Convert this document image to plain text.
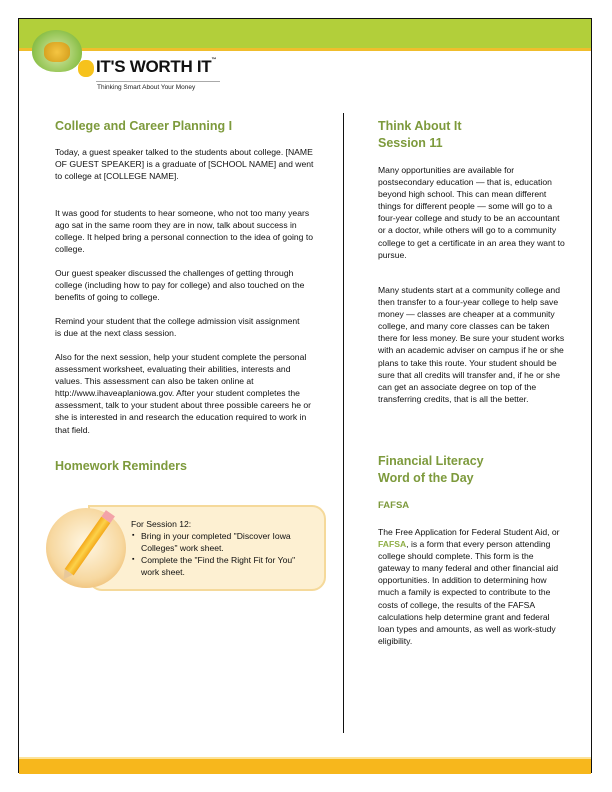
IT'S WORTH IT™
Thinking Smart About Your Money
College and Career Planning I

Today, a guest speaker talked to the students about college. [NAME OF GUEST SPEAKER] is a graduate of [SCHOOL NAME] and went to college at [COLLEGE NAME].

It was good for students to hear someone, who not too many years ago sat in the same room they are in now, talk about success in college. It helped bring a personal connection to the idea of going to college.

Our guest speaker discussed the challenges of getting through college (including how to pay for college) and also touched on the benefits of going to college.

Remind your student that the college admission visit assignment is due at the next class session.

Also for the next session, help your student complete the personal assessment worksheet, evaluating their abilities, interests and values. This assessment can also be taken online at http://www.ihaveaplaniowa.gov. After your student completes the assessment, talk to your student about three possible careers he or she is interested in and research the education required to work in that field.

Homework Reminders
For Session 12:
▪ Bring in your completed "Discover Iowa Colleges" work sheet.
▪ Complete the "Find the Right Fit for You" work sheet.
Think About It
Session 11

Many opportunities are available for postsecondary education — that is, education beyond high school. This can mean different things for different people — some will go to a four-year college and study to be an accountant or a doctor, while others will go to a community college to get a certificate in an area they want to pursue.

Many students start at a community college and then transfer to a four-year college to help save money — classes are cheaper at a community college, and many core classes can be taken there for less money. Be sure your student works with an academic adviser on campus if he or she plans to take this route. Your student should be sure that all credits will transfer and, if he or she can get an associate degree on top of the transferring credits, that is all the better.

Financial Literacy
Word of the Day
FAFSA

The Free Application for Federal Student Aid, or FAFSA, is a form that every person attending college should complete. This form is the gateway to many federal and other financial aid opportunities. In addition to determining how much a family is expected to contribute to the costs of college, the results of the FAFSA calculations help determine grant and federal loan types and amounts, as well as work-study eligibility.
